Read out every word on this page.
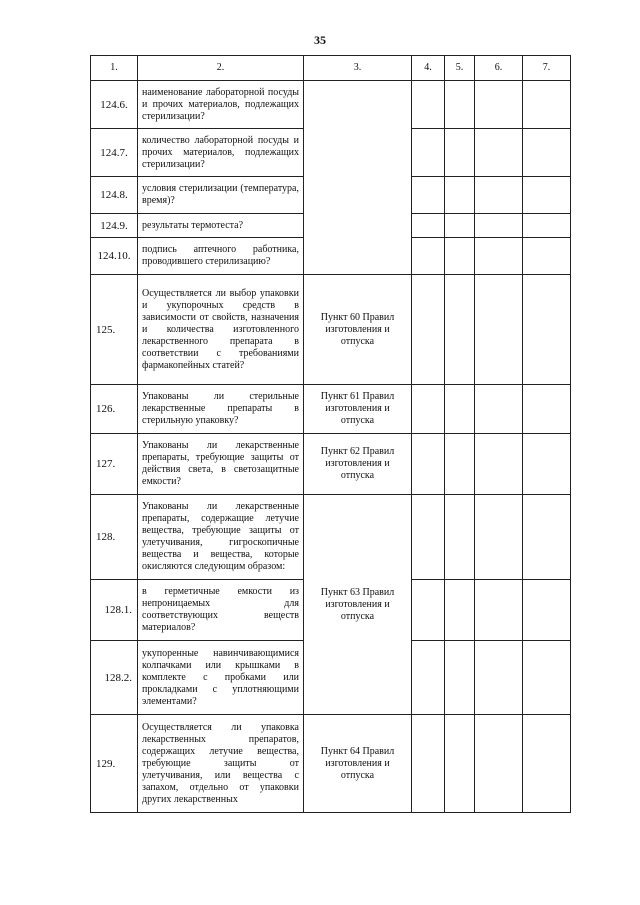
35
1.	2.	3.	4.	5.	6.	7.
124.6.	наименование лабораторной посуды и прочих материалов, подлежащих стерилизации?					
124.7.	количество лабораторной посуды и прочих материалов, подлежащих стерилизации?					
124.8.	условия стерилизации (температура, время)?					
124.9.	результаты термотеста?					
124.10.	подпись аптечного работника, проводившего стерилизацию?					
125.	Осуществляется ли выбор упаковки и укупорочных средств в зависимости от свойств, назначения и количества изготовленного лекарственного препарата в соответствии с требованиями фармакопейных статей?	Пункт 60 Правил изготовления и отпуска				
126.	Упакованы ли стерильные лекарственные препараты в стерильную упаковку?	Пункт 61 Правил изготовления и отпуска				
127.	Упакованы ли лекарственные препараты, требующие защиты от действия света, в светозащитные емкости?	Пункт 62 Правил изготовления и отпуска				
128.	Упакованы ли лекарственные препараты, содержащие летучие вещества, требующие защиты от улетучивания, гигроскопичные вещества и вещества, которые окисляются следующим образом:	Пункт 63 Правил изготовления и отпуска				
128.1.	в герметичные емкости из непроницаемых для соответствующих веществ материалов?					
128.2.	укупоренные навинчивающимися колпачками или крышками в комплекте с пробками или прокладками с уплотняющими элементами?					
129.	Осуществляется ли упаковка лекарственных препаратов, содержащих летучие вещества, требующие защиты от улетучивания, или вещества с запахом, отдельно от упаковки других лекарственных	Пункт 64 Правил изготовления и отпуска				
